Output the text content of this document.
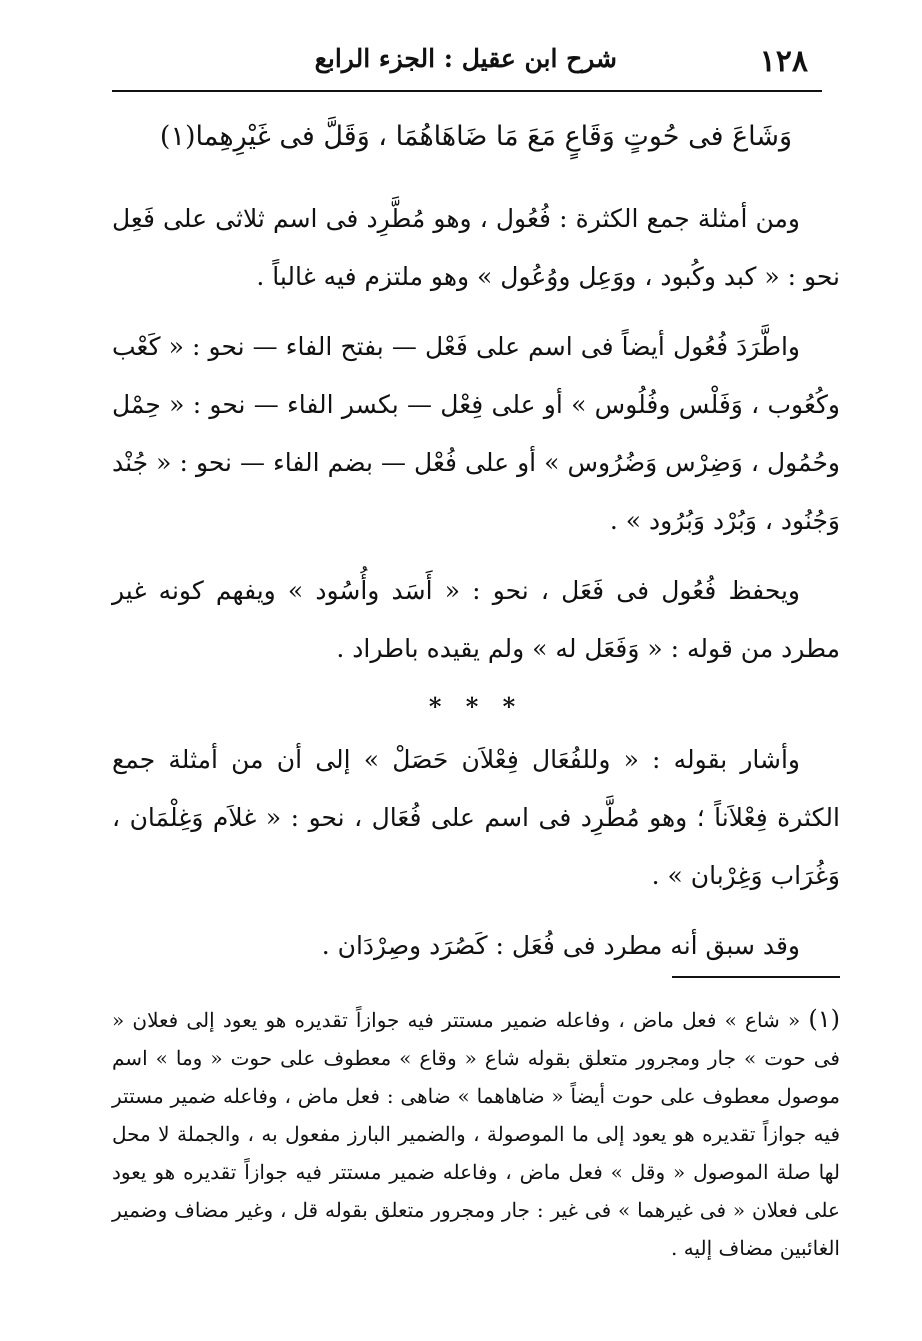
١٢٨
شرح ابن عقيل : الجزء الرابع
وَشَاعَ فى حُوتٍ وَقَاعٍ مَعَ مَا ضَاهَاهُمَا ، وَقَلَّ فى غَيْرِهِما(١)

ومن أمثلة جمع الكثرة : فُعُول ، وهو مُطَّرِد فى اسم ثلاثى على فَعِل نحو : « كبد وكُبود ، ووَعِل ووُعُول » وهو ملتزم فيه غالباً .

واطَّرَدَ فُعُول أيضاً فى اسم على فَعْل — بفتح الفاء — نحو : « كَعْب وكُعُوب ، وَفَلْس وفُلُوس » أو على فِعْل — بكسر الفاء — نحو : « حِمْل وحُمُول ، وَضِرْس وَضُرُوس » أو على فُعْل — بضم الفاء — نحو : « جُنْد وَجُنُود ، وَبُرْد وَبُرُود » .

ويحفظ فُعُول فى فَعَل ، نحو : « أَسَد وأُسُود » ويفهم كونه غير مطرد من قوله : « وَفَعَل له » ولم يقيده باطراد .

* * *

وأشار بقوله : « وللفُعَال فِعْلاَن حَصَلْ » إلى أن من أمثلة جمع الكثرة فِعْلاَناً ؛ وهو مُطَّرِد فى اسم على فُعَال ، نحو : « غلاَم وَغِلْمَان ، وَغُرَاب وَغِرْبان » .

وقد سبق أنه مطرد فى فُعَل : كَصُرَد وصِرْدَان .

(١) « شاع » فعل ماض ، وفاعله ضمير مستتر فيه جوازاً تقديره هو يعود إلى فعلان « فى حوت » جار ومجرور متعلق بقوله شاع « وقاع » معطوف على حوت « وما » اسم موصول معطوف على حوت أيضاً « ضاهاهما » ضاهى : فعل ماض ، وفاعله ضمير مستتر فيه جوازاً تقديره هو يعود إلى ما الموصولة ، والضمير البارز مفعول به ، والجملة لا محل لها صلة الموصول « وقل » فعل ماض ، وفاعله ضمير مستتر فيه جوازاً تقديره هو يعود على فعلان « فى غيرهما » فى غير : جار ومجرور متعلق بقوله قل ، وغير مضاف وضمير الغائبين مضاف إليه .
